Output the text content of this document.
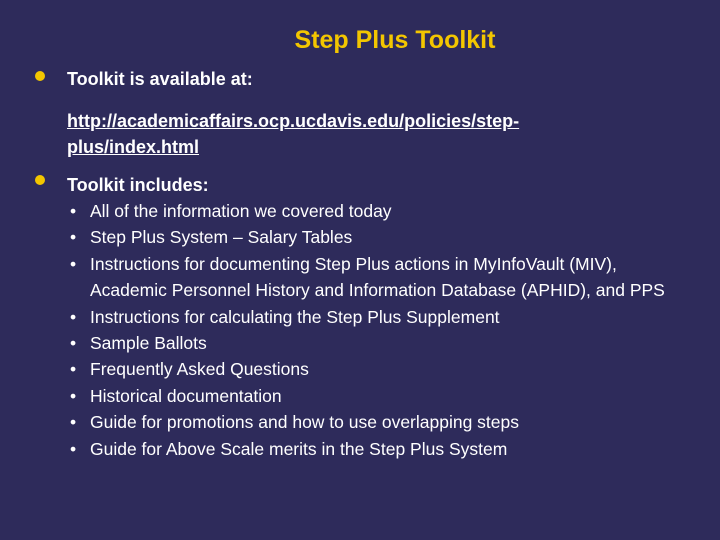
Step Plus Toolkit
Toolkit is available at:
http://academicaffairs.ocp.ucdavis.edu/policies/step-
plus/index.html
Toolkit includes:
• All of the information we covered today
• Step Plus System – Salary Tables
• Instructions for documenting Step Plus actions in MyInfoVault (MIV), Academic Personnel History and Information Database (APHID), and PPS
• Instructions for calculating the Step Plus Supplement
• Sample Ballots
• Frequently Asked Questions
• Historical documentation
• Guide for promotions and how to use overlapping steps
• Guide for Above Scale merits in the Step Plus System
